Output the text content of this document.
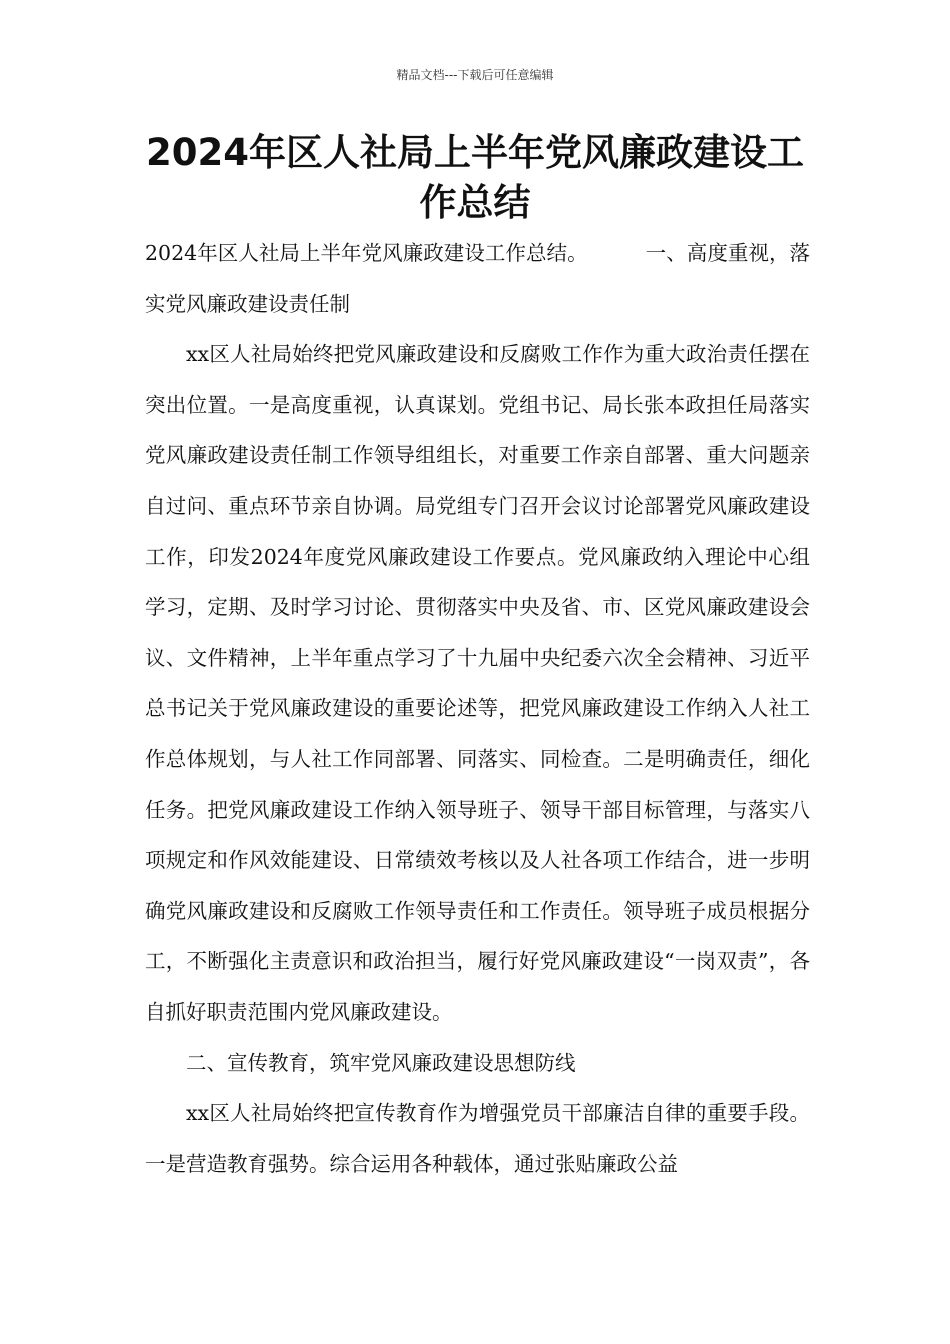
精品文档---下载后可任意编辑
2024年区人社局上半年党风廉政建设工作总结

2024年区人社局上半年党风廉政建设工作总结。	一、高度重视，落实党风廉政建设责任制

xx区人社局始终把党风廉政建设和反腐败工作作为重大政治责任摆在突出位置。一是高度重视，认真谋划。党组书记、局长张本政担任局落实党风廉政建设责任制工作领导组组长，对重要工作亲自部署、重大问题亲自过问、重点环节亲自协调。局党组专门召开会议讨论部署党风廉政建设工作，印发2024年度党风廉政建设工作要点。党风廉政纳入理论中心组学习，定期、及时学习讨论、贯彻落实中央及省、市、区党风廉政建设会议、文件精神，上半年重点学习了十九届中央纪委六次全会精神、习近平总书记关于党风廉政建设的重要论述等，把党风廉政建设工作纳入人社工作总体规划，与人社工作同部署、同落实、同检查。二是明确责任，细化任务。把党风廉政建设工作纳入领导班子、领导干部目标管理，与落实八项规定和作风效能建设、日常绩效考核以及人社各项工作结合，进一步明确党风廉政建设和反腐败工作领导责任和工作责任。领导班子成员根据分工，不断强化主责意识和政治担当，履行好党风廉政建设“一岗双责”，各自抓好职责范围内党风廉政建设。

二、宣传教育，筑牢党风廉政建设思想防线

xx区人社局始终把宣传教育作为增强党员干部廉洁自律的重要手段。一是营造教育强势。综合运用各种载体，通过张贴廉政公益
